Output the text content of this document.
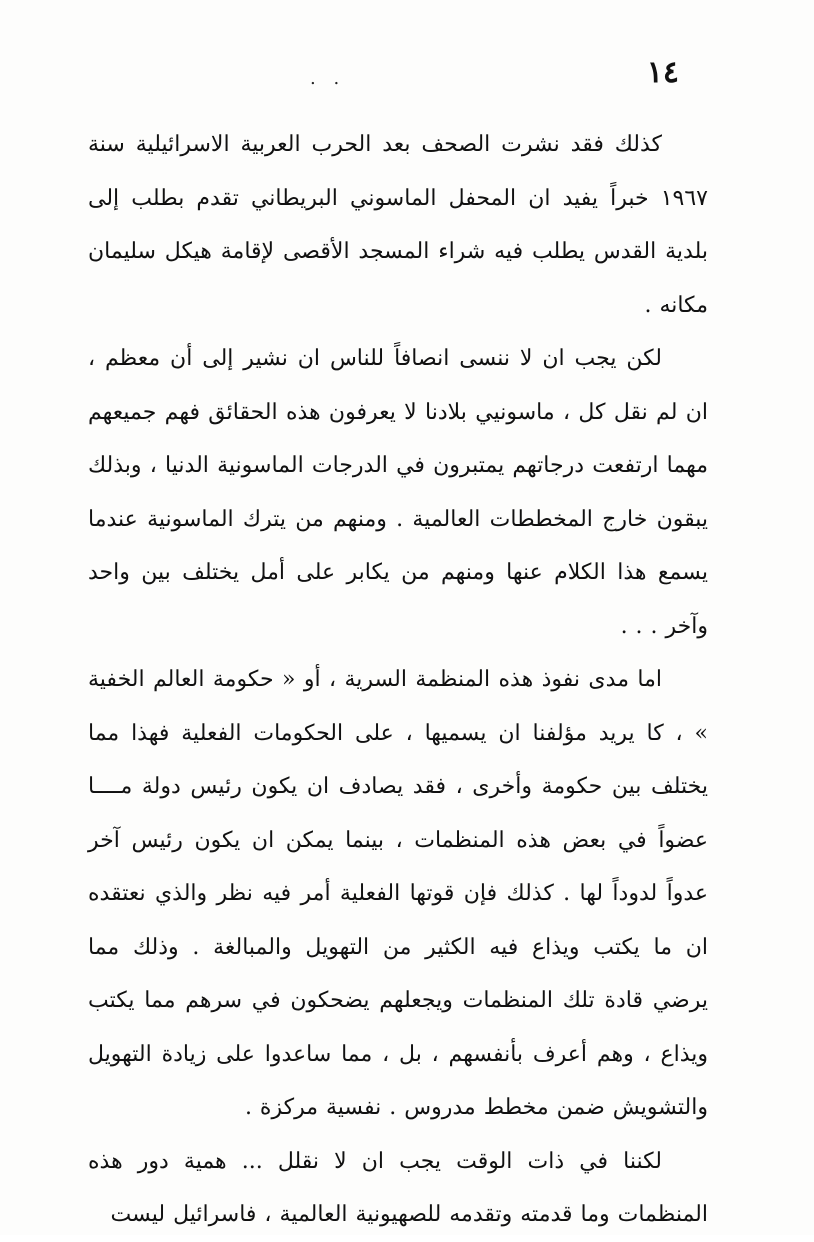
١٤
. .

كذلك فقد نشرت الصحف بعد الحرب العربية الاسرائيلية سنة ١٩٦٧ خبراً يفيد ان المحفل الماسوني البريطاني تقدم بطلب إلى بلدية القدس يطلب فيه شراء المسجد الأقصى لإقامة هيكل سليمان مكانه .

لكن يجب ان لا ننسى انصافاً للناس ان نشير إلى أن معظم ، ان لم نقل كل ، ماسونيي بلادنا لا يعرفون هذه الحقائق فهم جميعهم مهما ارتفعت درجاتهم يمتبرون في الدرجات الماسونية الدنيا ، وبذلك يبقون خارج المخططات العالمية . ومنهم من يترك الماسونية عندما يسمع هذا الكلام عنها ومنهم من يكابر على أمل يختلف بين واحد وآخر . . .

اما مدى نفوذ هذه المنظمة السرية ، أو « حكومة العالم الخفية » ، كا يريد مؤلفنا ان يسميها ، على الحكومات الفعلية فهذا مما يختلف بين حكومة وأخرى ، فقد يصادف ان يكون رئيس دولة مــــا عضواً في بعض هذه المنظمات ، بينما يمكن ان يكون رئيس آخر عدواً لدوداً لها . كذلك فإن قوتها الفعلية أمر فيه نظر والذي نعتقده ان ما يكتب ويذاع فيه الكثير من التهويل والمبالغة . وذلك مما يرضي قادة تلك المنظمات ويجعلهم يضحكون في سرهم مما يكتب ويذاع ، وهم أعرف بأنفسهم ، بل ، مما ساعدوا على زيادة التهويل والتشويش ضمن مخطط مدروس . نفسية مركزة .

لكننا في ذات الوقت يجب ان لا نقلل ... همية دور هذه المنظمات وما قدمته وتقدمه للصهيونية العالمية ، فاسرائيل ليست
